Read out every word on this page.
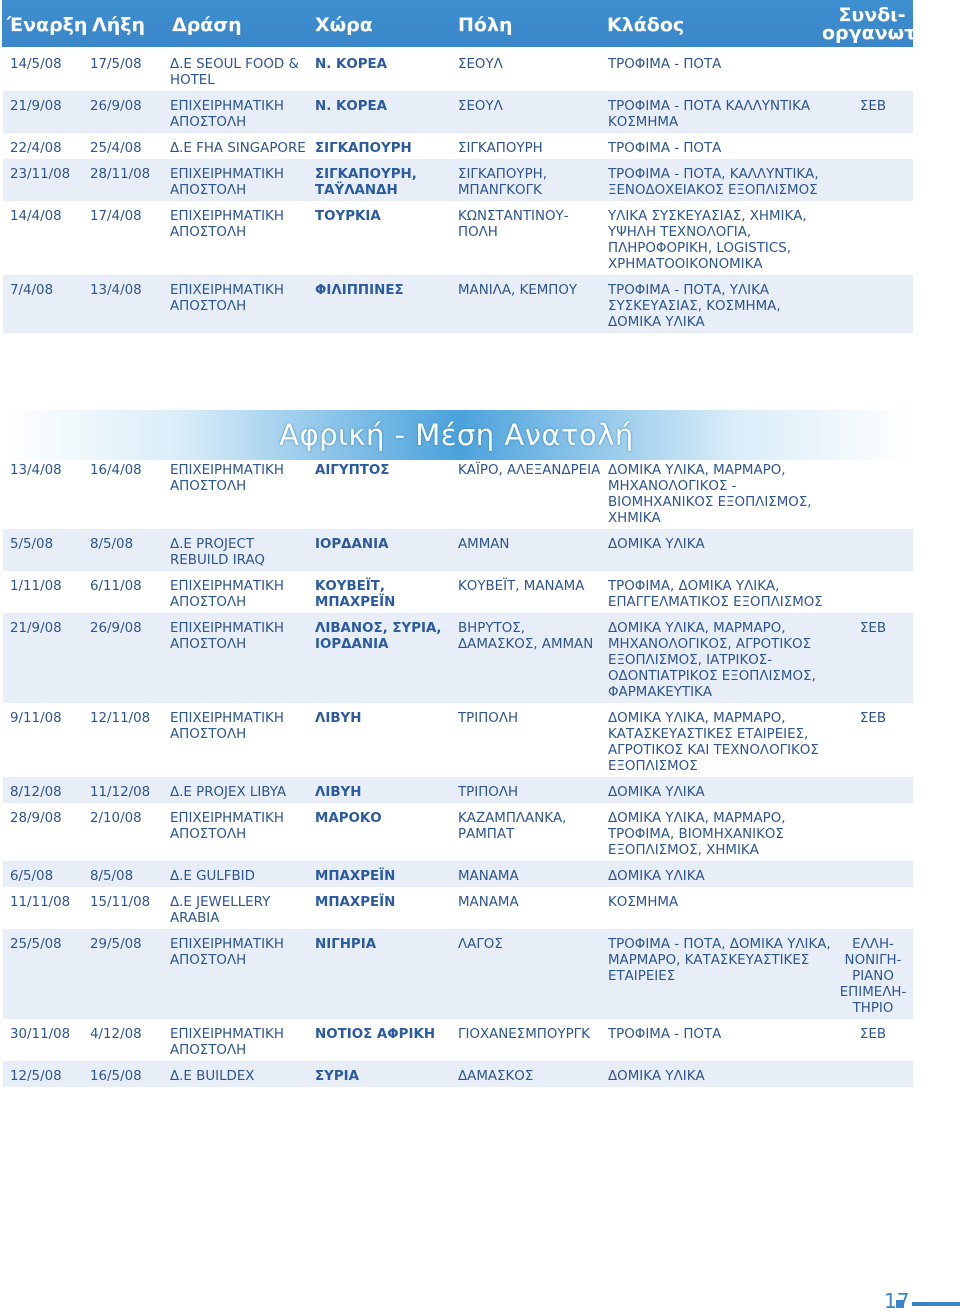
Έναρξη Λήξη Δράση	Χώρα	Πόλη	Κλάδος	Συνδι-
οργανωτές
14/5/08	17/5/08	Δ.Ε SEOUL FOOD & HOTEL	Ν. ΚΟΡΕΑ	ΣΕΟΥΛ	ΤΡΟΦΙΜΑ - ΠΟΤΑ	
21/9/08	26/9/08	ΕΠΙΧΕΙΡΗΜΑΤΙΚΗ ΑΠΟΣΤΟΛΗ	Ν. ΚΟΡΕΑ	ΣΕΟΥΛ	ΤΡΟΦΙΜΑ - ΠΟΤΑ ΚΑΛΛΥΝΤΙΚΑ ΚΟΣΜΗΜΑ	ΣΕΒ
22/4/08	25/4/08	Δ.Ε FHA SINGAPORE	ΣΙΓΚΑΠΟΥΡΗ	ΣΙΓΚΑΠΟΥΡΗ	ΤΡΟΦΙΜΑ - ΠΟΤΑ	
23/11/08	28/11/08	ΕΠΙΧΕΙΡΗΜΑΤΙΚΗ ΑΠΟΣΤΟΛΗ	ΣΙΓΚΑΠΟΥΡΗ, ΤΑΫΛΑΝΔΗ	ΣΙΓΚΑΠΟΥΡΗ, ΜΠΑΝΓΚΟΓΚ	ΤΡΟΦΙΜΑ - ΠΟΤΑ, ΚΑΛΛΥΝΤΙΚΑ, ΞΕΝΟΔΟΧΕΙΑΚΟΣ ΕΞΟΠΛΙΣΜΟΣ	
14/4/08	17/4/08	ΕΠΙΧΕΙΡΗΜΑΤΙΚΗ ΑΠΟΣΤΟΛΗ	ΤΟΥΡΚΙΑ	ΚΩΝΣΤΑΝΤΙΝΟΥ- ΠΟΛΗ	ΥΛΙΚΑ ΣΥΣΚΕΥΑΣΙΑΣ, ΧΗΜΙΚΑ, ΥΨΗΛΗ ΤΕΧΝΟΛΟΓΙΑ, ΠΛΗΡΟΦΟΡΙΚΗ, LOGISTICS, ΧΡΗΜΑΤΟΟΙΚΟΝΟΜΙΚΑ	
7/4/08	13/4/08	ΕΠΙΧΕΙΡΗΜΑΤΙΚΗ ΑΠΟΣΤΟΛΗ	ΦΙΛΙΠΠΙΝΕΣ	ΜΑΝΙΛΑ, ΚΕΜΠΟΥ	ΤΡΟΦΙΜΑ - ΠΟΤΑ, ΥΛΙΚΑ ΣΥΣΚΕΥΑΣΙΑΣ, ΚΟΣΜΗΜΑ, ΔΟΜΙΚΑ ΥΛΙΚΑ	
Αφρική - Μέση Ανατολή
13/4/08	16/4/08	ΕΠΙΧΕΙΡΗΜΑΤΙΚΗ ΑΠΟΣΤΟΛΗ	ΑΙΓΥΠΤΟΣ	ΚΑΪΡΟ, ΑΛΕΞΑΝΔΡΕΙΑ	ΔΟΜΙΚΑ ΥΛΙΚΑ, ΜΑΡΜΑΡΟ, ΜΗΧΑΝΟΛΟΓΙΚΟΣ - ΒΙΟΜΗΧΑΝΙΚΟΣ ΕΞΟΠΛΙΣΜΟΣ, ΧΗΜΙΚΑ	
5/5/08	8/5/08	Δ.Ε PROJECT REBUILD IRAQ	ΙΟΡΔΑΝΙΑ	ΑΜΜΑΝ	ΔΟΜΙΚΑ ΥΛΙΚΑ	
1/11/08	6/11/08	ΕΠΙΧΕΙΡΗΜΑΤΙΚΗ ΑΠΟΣΤΟΛΗ	ΚΟΥΒΕΪΤ, ΜΠΑΧΡΕΪΝ	ΚΟΥΒΕΪΤ, ΜΑΝΑΜΑ	ΤΡΟΦΙΜΑ, ΔΟΜΙΚΑ ΥΛΙΚΑ, ΕΠΑΓΓΕΛΜΑΤΙΚΟΣ ΕΞΟΠΛΙΣΜΟΣ	
21/9/08	26/9/08	ΕΠΙΧΕΙΡΗΜΑΤΙΚΗ ΑΠΟΣΤΟΛΗ	ΛΙΒΑΝΟΣ, ΣΥΡΙΑ, ΙΟΡΔΑΝΙΑ	ΒΗΡΥΤΟΣ, ΔΑΜΑΣΚΟΣ, ΑΜΜΑΝ	ΔΟΜΙΚΑ ΥΛΙΚΑ, ΜΑΡΜΑΡΟ, ΜΗΧΑΝΟΛΟΓΙΚΟΣ, ΑΓΡΟΤΙΚΟΣ ΕΞΟΠΛΙΣΜΟΣ, ΙΑΤΡΙΚΟΣ-ΟΔΟΝΤΙΑΤΡΙΚΟΣ ΕΞΟΠΛΙΣΜΟΣ, ΦΑΡΜΑΚΕΥΤΙΚΑ	ΣΕΒ
9/11/08	12/11/08	ΕΠΙΧΕΙΡΗΜΑΤΙΚΗ ΑΠΟΣΤΟΛΗ	ΛΙΒΥΗ	ΤΡΙΠΟΛΗ	ΔΟΜΙΚΑ ΥΛΙΚΑ, ΜΑΡΜΑΡΟ, ΚΑΤΑΣΚΕΥΑΣΤΙΚΕΣ ΕΤΑΙΡΕΙΕΣ, ΑΓΡΟΤΙΚΟΣ ΚΑΙ ΤΕΧΝΟΛΟΓΙΚΟΣ ΕΞΟΠΛΙΣΜΟΣ	ΣΕΒ
8/12/08	11/12/08	Δ.Ε PROJEX LIBYA	ΛΙΒΥΗ	ΤΡΙΠΟΛΗ	ΔΟΜΙΚΑ ΥΛΙΚΑ	
28/9/08	2/10/08	ΕΠΙΧΕΙΡΗΜΑΤΙΚΗ ΑΠΟΣΤΟΛΗ	ΜΑΡΟΚΟ	ΚΑΖΑΜΠΛΑΝΚΑ, ΡΑΜΠΑΤ	ΔΟΜΙΚΑ ΥΛΙΚΑ, ΜΑΡΜΑΡΟ, ΤΡΟΦΙΜΑ, ΒΙΟΜΗΧΑΝΙΚΟΣ ΕΞΟΠΛΙΣΜΟΣ, ΧΗΜΙΚΑ	
6/5/08	8/5/08	Δ.Ε GULFBID	ΜΠΑΧΡΕΪΝ	ΜΑΝΑΜΑ	ΔΟΜΙΚΑ ΥΛΙΚΑ	
11/11/08	15/11/08	Δ.Ε JEWELLERY ARABIA	ΜΠΑΧΡΕΪΝ	ΜΑΝΑΜΑ	ΚΟΣΜΗΜΑ	
25/5/08	29/5/08	ΕΠΙΧΕΙΡΗΜΑΤΙΚΗ ΑΠΟΣΤΟΛΗ	ΝΙΓΗΡΙΑ	ΛΑΓΟΣ	ΤΡΟΦΙΜΑ - ΠΟΤΑ, ΔΟΜΙΚΑ ΥΛΙΚΑ, ΜΑΡΜΑΡΟ, ΚΑΤΑΣΚΕΥΑΣΤΙΚΕΣ ΕΤΑΙΡΕΙΕΣ	ΕΛΛΗ- ΝΟΝΙΓΗ- ΡΙΑΝΟ ΕΠΙΜΕΛΗ- ΤΗΡΙΟ
30/11/08	4/12/08	ΕΠΙΧΕΙΡΗΜΑΤΙΚΗ ΑΠΟΣΤΟΛΗ	ΝΟΤΙΟΣ ΑΦΡΙΚΗ	ΓΙΟΧΑΝΕΣΜΠΟΥΡΓΚ	ΤΡΟΦΙΜΑ - ΠΟΤΑ	ΣΕΒ
12/5/08	16/5/08	Δ.Ε BUILDEX	ΣΥΡΙΑ	ΔΑΜΑΣΚΟΣ	ΔΟΜΙΚΑ ΥΛΙΚΑ	
17
